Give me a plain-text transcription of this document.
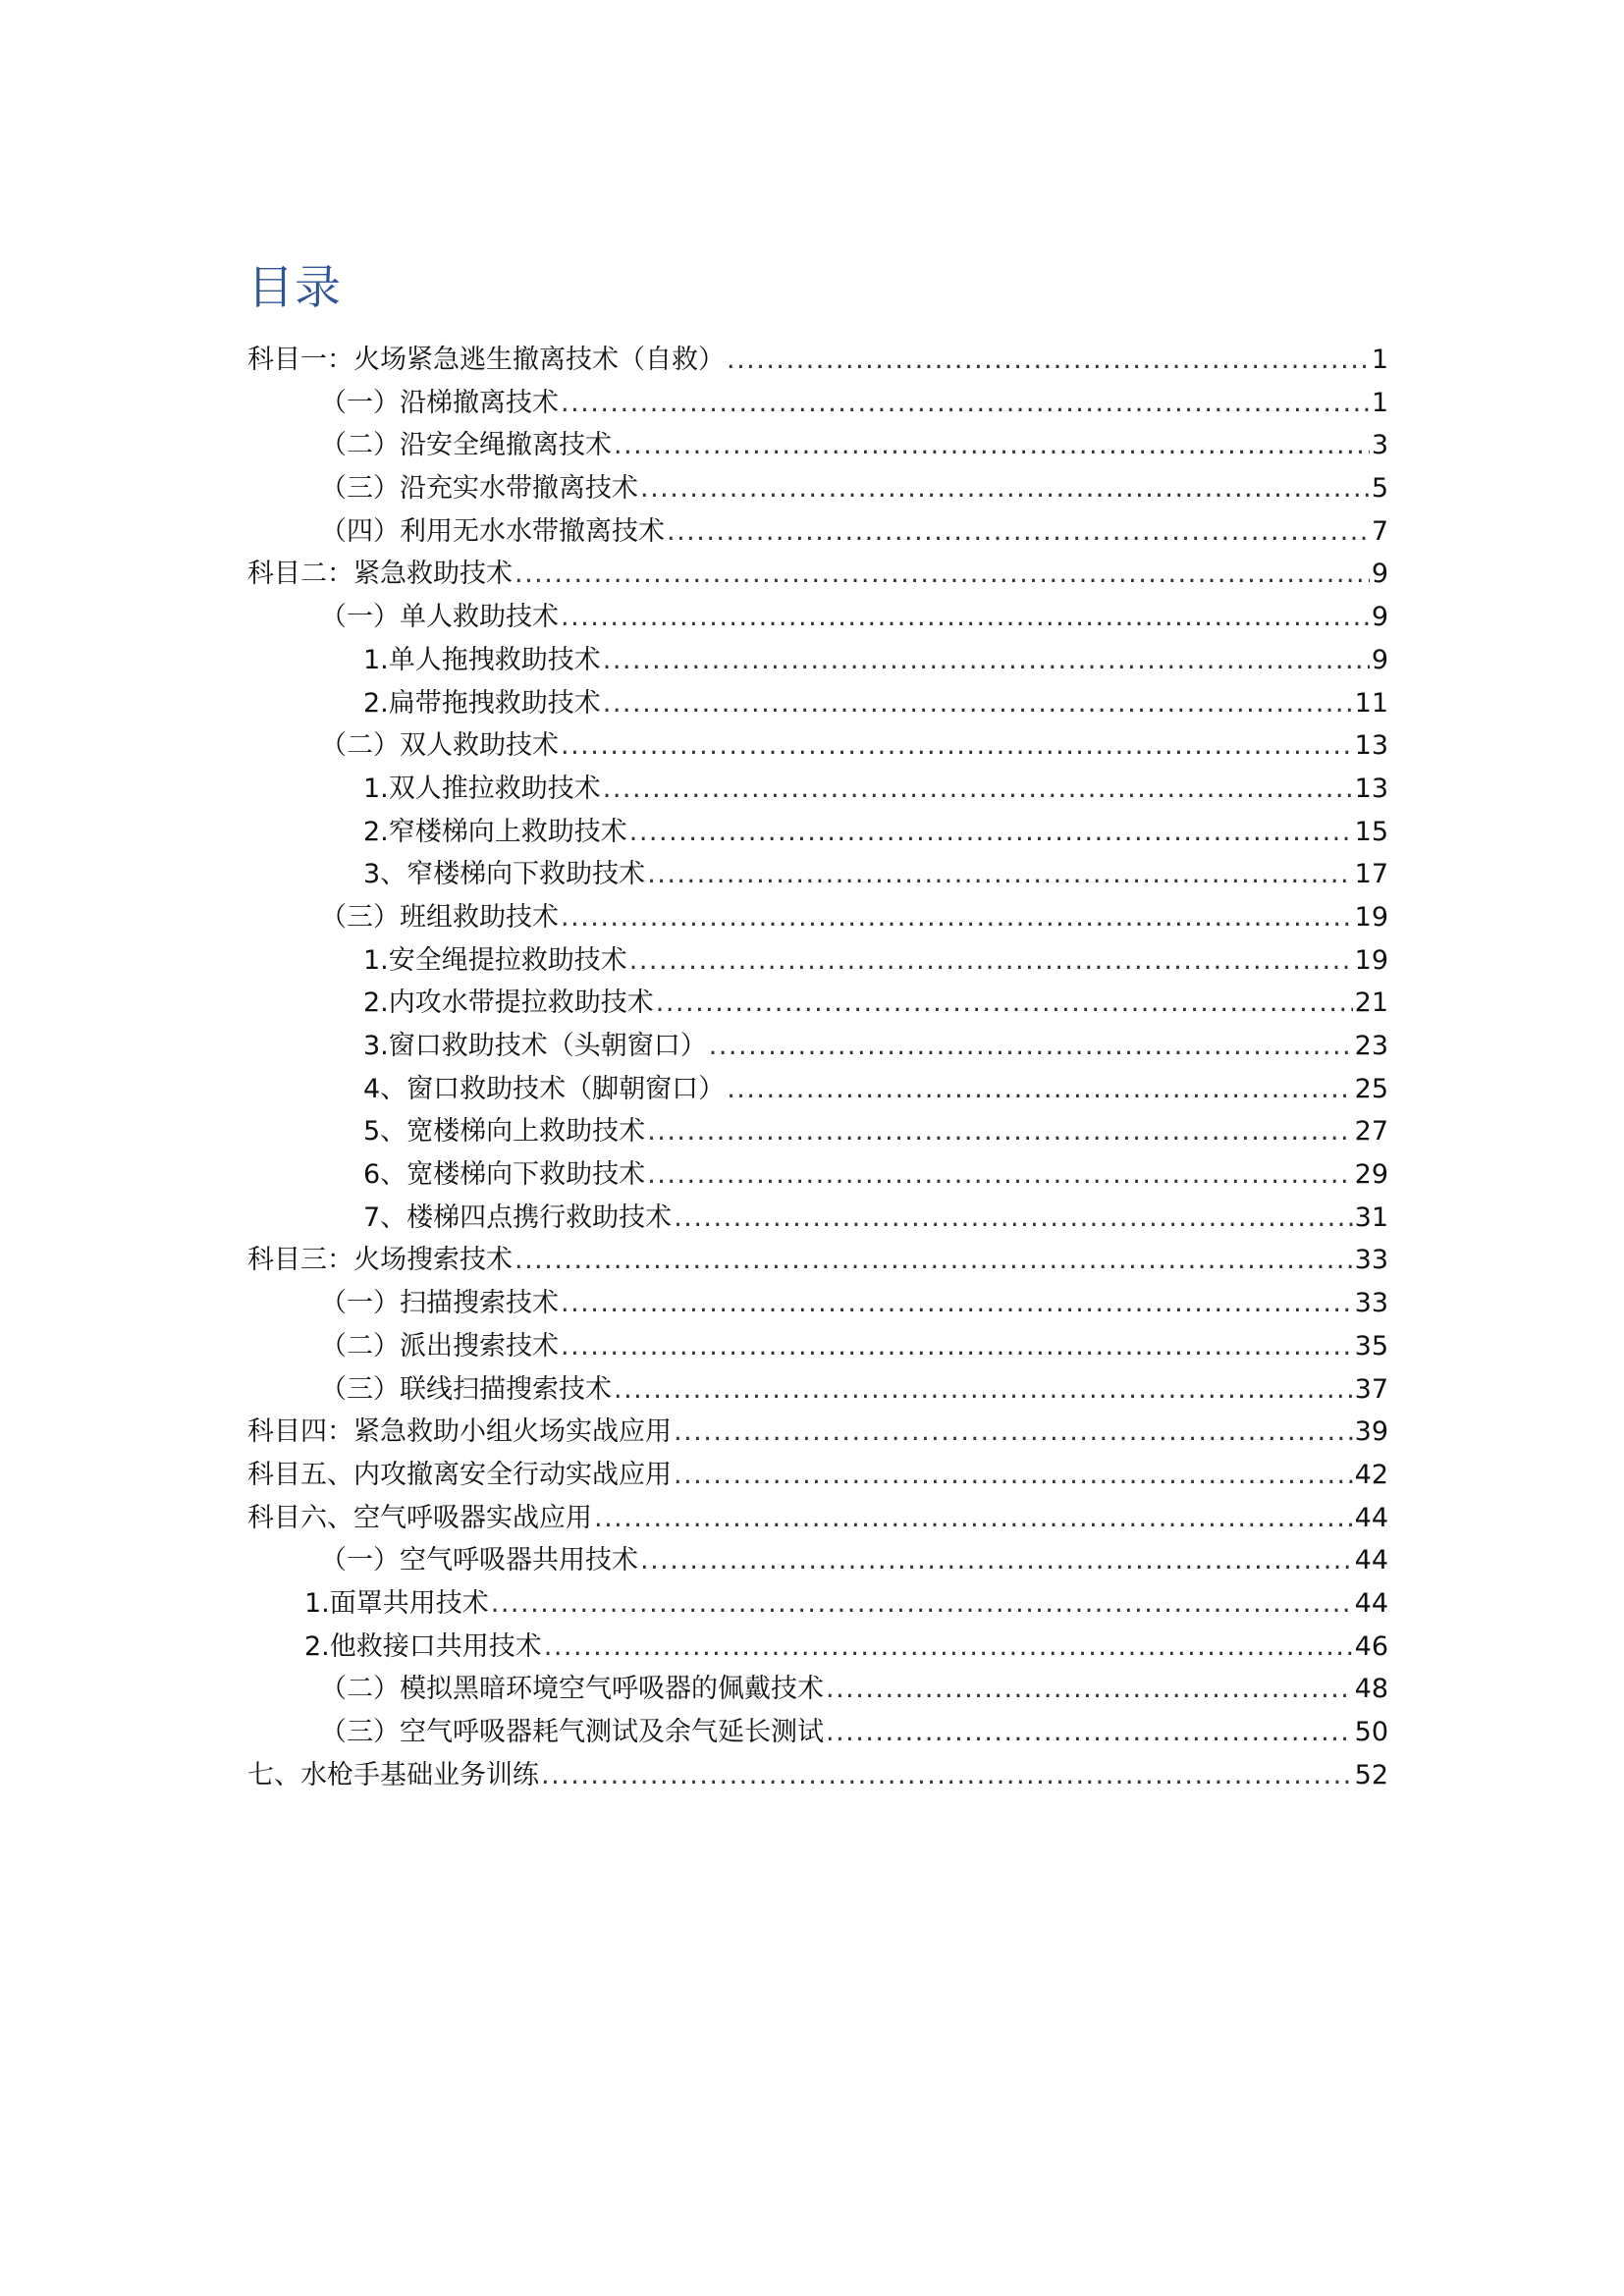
目录
科目一：火场紧急逃生撤离技术（自救） .....	1
（一）沿梯撤离技术 .....	1
（二）沿安全绳撤离技术 .....	3
（三）沿充实水带撤离技术 .....	5
（四）利用无水水带撤离技术 .....	7
科目二：紧急救助技术 .....	9
（一）单人救助技术 .....	9
1.单人拖拽救助技术 .....	9
2.扁带拖拽救助技术 .....	11
（二）双人救助技术 .....	13
1.双人推拉救助技术 .....	13
2.窄楼梯向上救助技术 .....	15
3、窄楼梯向下救助技术 .....	17
（三）班组救助技术 .....	19
1.安全绳提拉救助技术 .....	19
2.内攻水带提拉救助技术 .....	21
3.窗口救助技术（头朝窗口） .....	23
4、窗口救助技术（脚朝窗口） .....	25
5、宽楼梯向上救助技术 .....	27
6、宽楼梯向下救助技术 .....	29
7、楼梯四点携行救助技术 .....	31
科目三：火场搜索技术 .....	33
（一）扫描搜索技术 .....	33
（二）派出搜索技术 .....	35
（三）联线扫描搜索技术 .....	37
科目四：紧急救助小组火场实战应用 .....	39
科目五、内攻撤离安全行动实战应用 .....	42
科目六、空气呼吸器实战应用 .....	44
（一）空气呼吸器共用技术 .....	44
1.面罩共用技术 .....	44
2.他救接口共用技术 .....	46
（二）模拟黑暗环境空气呼吸器的佩戴技术 .....	48
（三）空气呼吸器耗气测试及余气延长测试 .....	50
七、水枪手基础业务训练 .....	52
